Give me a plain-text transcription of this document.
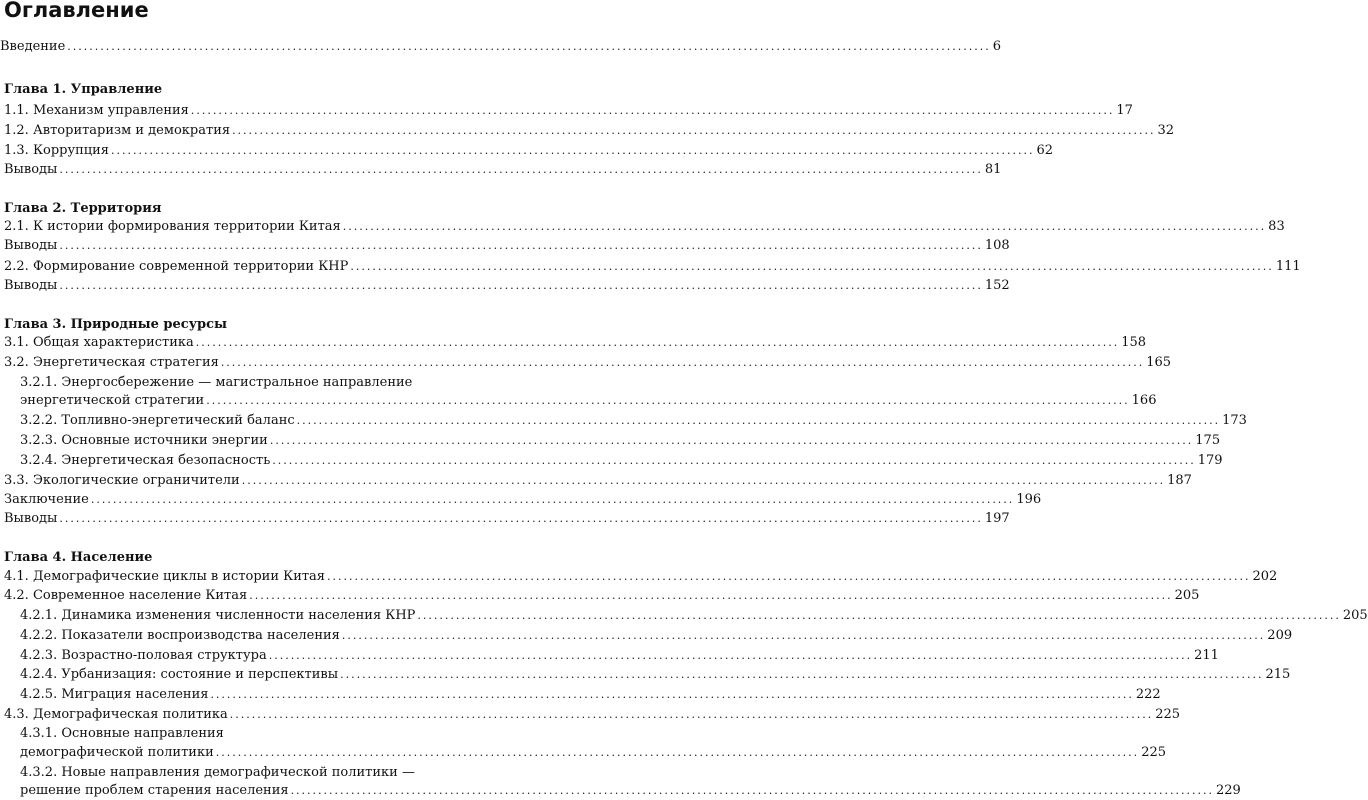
Оглавление
Введение ........................................................................................................................................................................ 6
Глава 1. Управление
1.1. Механизм управления ........................................................................................................................................................................ 17
1.2. Авторитаризм и демократия ........................................................................................................................................................................ 32
1.3. Коррупция ........................................................................................................................................................................ 62
Выводы ........................................................................................................................................................................ 81
Глава 2. Территория
2.1. К истории формирования территории Китая ........................................................................................................................................................................ 83
Выводы ........................................................................................................................................................................ 108
2.2. Формирование современной территории КНР ........................................................................................................................................................................ 111
Выводы ........................................................................................................................................................................ 152
Глава 3. Природные ресурсы
3.1. Общая характеристика ........................................................................................................................................................................ 158
3.2. Энергетическая стратегия ........................................................................................................................................................................ 165
3.2.1. Энергосбережение — магистральное направление
энергетической стратегии ........................................................................................................................................................................ 166
3.2.2. Топливно-энергетический баланс ........................................................................................................................................................................ 173
3.2.3. Основные источники энергии ........................................................................................................................................................................ 175
3.2.4. Энергетическая безопасность ........................................................................................................................................................................ 179
3.3. Экологические ограничители ........................................................................................................................................................................ 187
Заключение ........................................................................................................................................................................ 196
Выводы ........................................................................................................................................................................ 197
Глава 4. Население
4.1. Демографические циклы в истории Китая ........................................................................................................................................................................ 202
4.2. Современное население Китая ........................................................................................................................................................................ 205
4.2.1. Динамика изменения численности населения КНР ........................................................................................................................................................................ 205
4.2.2. Показатели воспроизводства населения ........................................................................................................................................................................ 209
4.2.3. Возрастно-половая структура ........................................................................................................................................................................ 211
4.2.4. Урбанизация: состояние и перспективы ........................................................................................................................................................................ 215
4.2.5. Миграция населения ........................................................................................................................................................................ 222
4.3. Демографическая политика ........................................................................................................................................................................ 225
4.3.1. Основные направления
демографической политики ........................................................................................................................................................................ 225
4.3.2. Новые направления демографической политики —
решение проблем старения населения ........................................................................................................................................................................ 229
